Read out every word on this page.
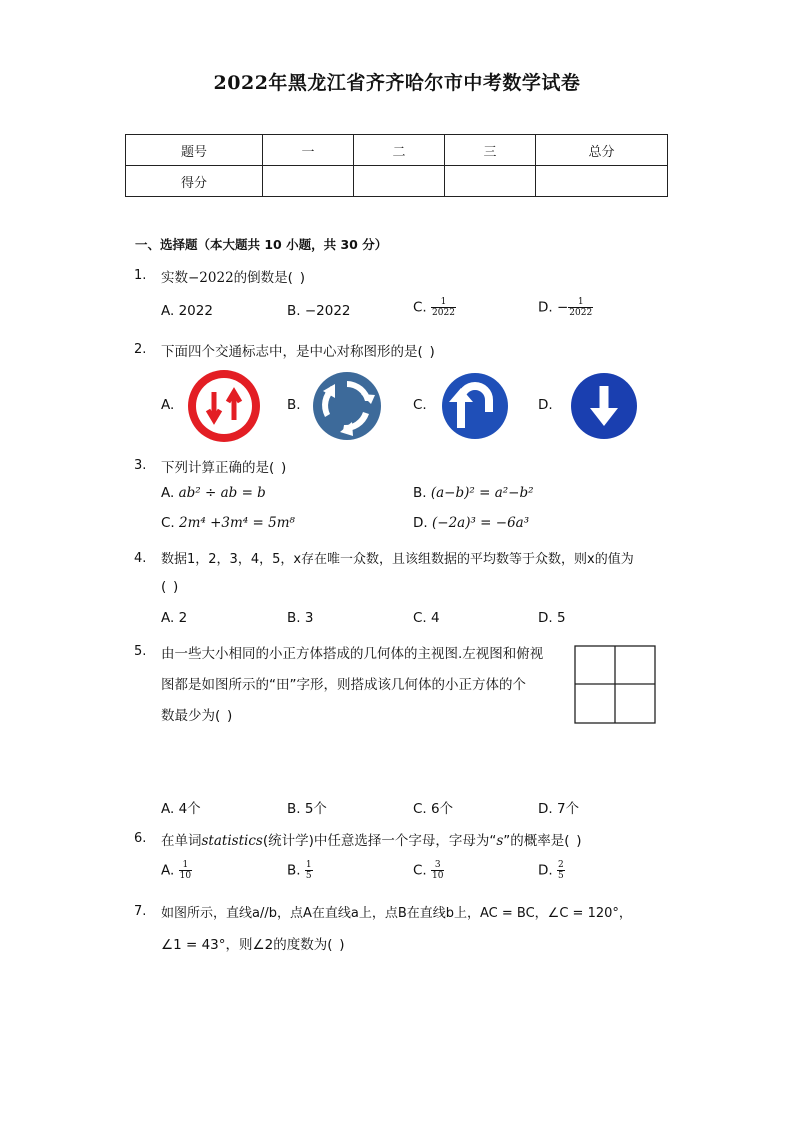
2022年黑龙江省齐齐哈尔市中考数学试卷
题号	一	二	三	总分
得分				
一、选择题（本大题共 10 小题，共 30 分）
1. 实数−2022的倒数是( )
A. 2022	B. −2022	C. $\frac{1}{2022}$	D. − $\frac{1}{2022}$
2. 下面四个交通标志中，是中心对称图形的是( )
A.	B.	C.	D.
3. 下列计算正确的是( )
A. ab² ÷ ab = b	B. (a−b)² = a²−b²
C. 2m⁴ +3m⁴ = 5m⁸	D. (−2a)³ = −6a³
4. 数据1，2，3，4，5，x存在唯一众数，且该组数据的平均数等于众数，则x的值为
( )
A. 2	B. 3	C. 4	D. 5
5. 由一些大小相同的小正方体搭成的几何体的主视图.左视图和俯视
图都是如图所示的“田”字形，则搭成该几何体的小正方体的个
数最少为( )
A. 4个	B. 5个	C. 6个	D. 7个
6. 在单词statistics(统计学)中任意选择一个字母，字母为“s”的概率是( )
A. $\frac{1}{10}$	B. $\frac{1}{5}$	C. $\frac{3}{10}$	D. $\frac{2}{5}$
7. 如图所示，直线a//b，点A在直线a上，点B在直线b上，AC = BC，∠C = 120°，
∠1 = 43°，则∠2的度数为( )
